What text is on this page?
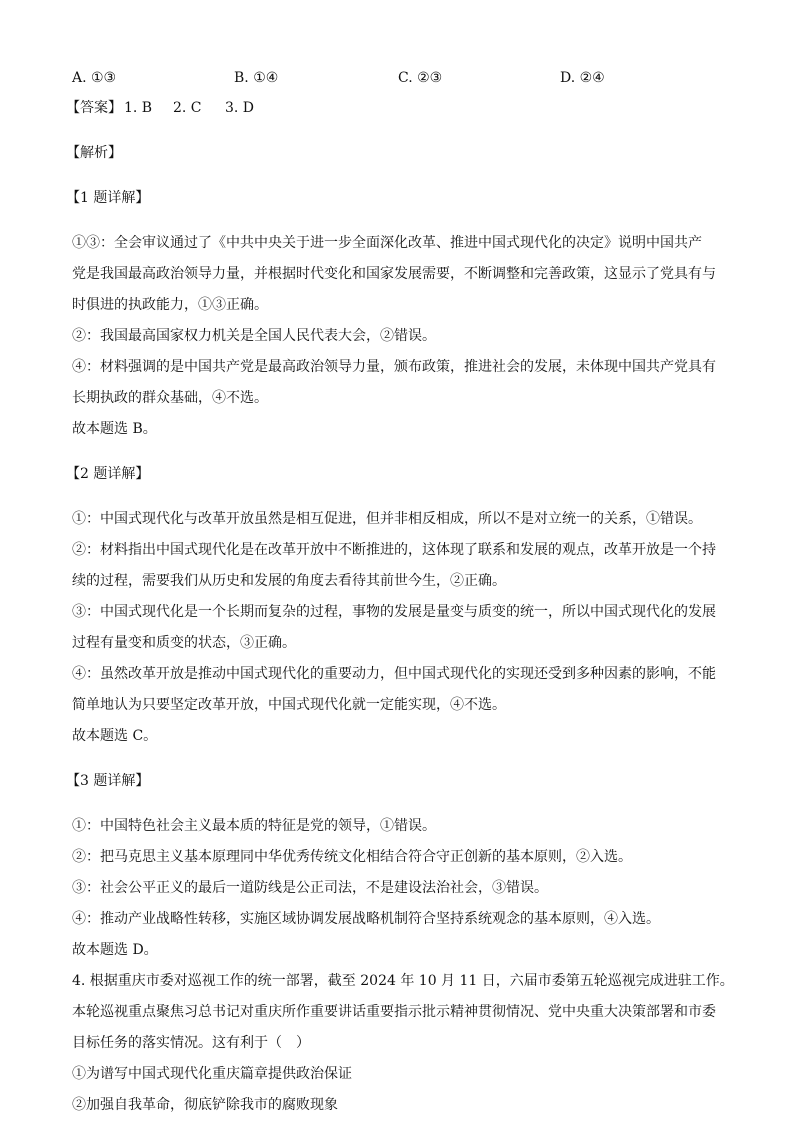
A. ①③	B. ①④	C. ②③	D. ②④
【答案】 1. B	2. C	3. D

【解析】

【1 题详解】

①③：全会审议通过了《中共中央关于进一步全面深化改革、推进中国式现代化的决定》说明中国共产

党是我国最高政治领导力量，并根据时代变化和国家发展需要，不断调整和完善政策，这显示了党具有与

时俱进的执政能力，①③正确。

②：我国最高国家权力机关是全国人民代表大会，②错误。

④：材料强调的是中国共产党是最高政治领导力量，颁布政策，推进社会的发展，未体现中国共产党具有

长期执政的群众基础，④不选。

故本题选 B。

【2 题详解】

①：中国式现代化与改革开放虽然是相互促进，但并非相反相成，所以不是对立统一的关系，①错误。

②：材料指出中国式现代化是在改革开放中不断推进的，这体现了联系和发展的观点，改革开放是一个持

续的过程，需要我们从历史和发展的角度去看待其前世今生，②正确。

③：中国式现代化是一个长期而复杂的过程，事物的发展是量变与质变的统一，所以中国式现代化的发展

过程有量变和质变的状态，③正确。

④：虽然改革开放是推动中国式现代化的重要动力，但中国式现代化的实现还受到多种因素的影响，不能

简单地认为只要坚定改革开放，中国式现代化就一定能实现，④不选。

故本题选 C。

【3 题详解】

①：中国特色社会主义最本质的特征是党的领导，①错误。

②：把马克思主义基本原理同中华优秀传统文化相结合符合守正创新的基本原则，②入选。

③：社会公平正义的最后一道防线是公正司法，不是建设法治社会，③错误。

④：推动产业战略性转移，实施区域协调发展战略机制符合坚持系统观念的基本原则，④入选。

故本题选 D。

4. 根据重庆市委对巡视工作的统一部署，截至 2024 年 10 月 11 日，六届市委第五轮巡视完成进驻工作。

本轮巡视重点聚焦习总书记对重庆所作重要讲话重要指示批示精神贯彻情况、党中央重大决策部署和市委

目标任务的落实情况。这有利于（　）

①为谱写中国式现代化重庆篇章提供政治保证

②加强自我革命，彻底铲除我市的腐败现象
